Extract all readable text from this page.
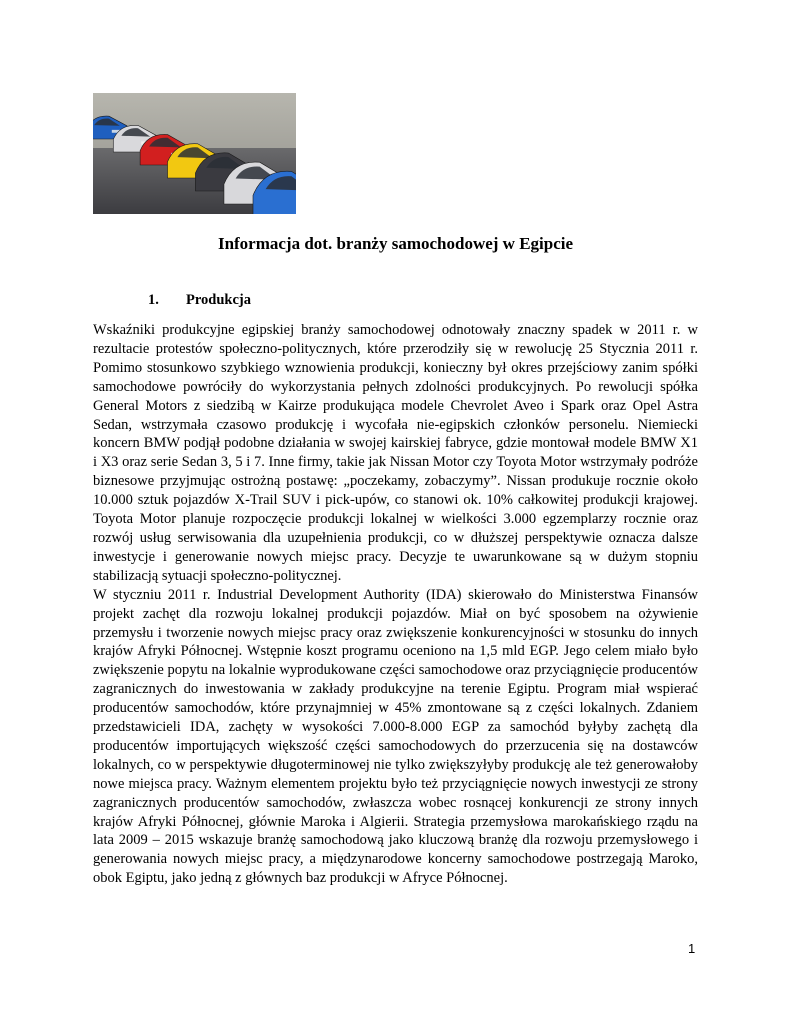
Informacja dot. branży samochodowej w Egipcie
1. Produkcja

Wskaźniki produkcyjne egipskiej branży samochodowej odnotowały znaczny spadek w 2011 r. w rezultacie protestów społeczno-politycznych, które przerodziły się w rewolucję 25 Stycznia 2011 r. Pomimo stosunkowo szybkiego wznowienia produkcji, konieczny był okres przejściowy zanim spółki samochodowe powróciły do wykorzystania pełnych zdolności produkcyjnych. Po rewolucji spółka General Motors z siedzibą w Kairze produkująca modele Chevrolet Aveo i Spark oraz Opel Astra Sedan, wstrzymała czasowo produkcję i wycofała nie-egipskich członków personelu. Niemiecki koncern BMW podjął podobne działania w swojej kairskiej fabryce, gdzie montował modele BMW X1 i X3 oraz serie Sedan 3, 5 i 7. Inne firmy, takie jak Nissan Motor czy Toyota Motor wstrzymały podróże biznesowe przyjmując ostrożną postawę: „poczekamy, zobaczymy”. Nissan produkuje rocznie około 10.000 sztuk pojazdów X-Trail SUV i pick-upów, co stanowi ok. 10% całkowitej produkcji krajowej. Toyota Motor planuje rozpoczęcie produkcji lokalnej w wielkości 3.000 egzemplarzy rocznie oraz rozwój usług serwisowania dla uzupełnienia produkcji, co w dłuższej perspektywie oznacza dalsze inwestycje i generowanie nowych miejsc pracy. Decyzje te uwarunkowane są w dużym stopniu stabilizacją sytuacji społeczno-politycznej.

W styczniu 2011 r. Industrial Development Authority (IDA) skierowało do Ministerstwa Finansów projekt zachęt dla rozwoju lokalnej produkcji pojazdów. Miał on być sposobem na ożywienie przemysłu i tworzenie nowych miejsc pracy oraz zwiększenie konkurencyjności w stosunku do innych krajów Afryki Północnej. Wstępnie koszt programu oceniono na 1,5 mld EGP. Jego celem miało było zwiększenie popytu na lokalnie wyprodukowane części samochodowe oraz przyciągnięcie producentów zagranicznych do inwestowania w zakłady produkcyjne na terenie Egiptu. Program miał wspierać producentów samochodów, które przynajmniej w 45% zmontowane są z części lokalnych. Zdaniem przedstawicieli IDA, zachęty w wysokości 7.000-8.000 EGP za samochód byłyby zachętą dla producentów importujących większość części samochodowych do przerzucenia się na dostawców lokalnych, co w perspektywie długoterminowej nie tylko zwiększyłyby produkcję ale też generowałoby nowe miejsca pracy. Ważnym elementem projektu było też przyciągnięcie nowych inwestycji ze strony zagranicznych producentów samochodów, zwłaszcza wobec rosnącej konkurencji ze strony innych krajów Afryki Północnej, głównie Maroka i Algierii. Strategia przemysłowa marokańskiego rządu na lata 2009 – 2015 wskazuje branżę samochodową jako kluczową branżę dla rozwoju przemysłowego i generowania nowych miejsc pracy, a międzynarodowe koncerny samochodowe postrzegają Maroko, obok Egiptu, jako jedną z głównych baz produkcji w Afryce Północnej.

1
